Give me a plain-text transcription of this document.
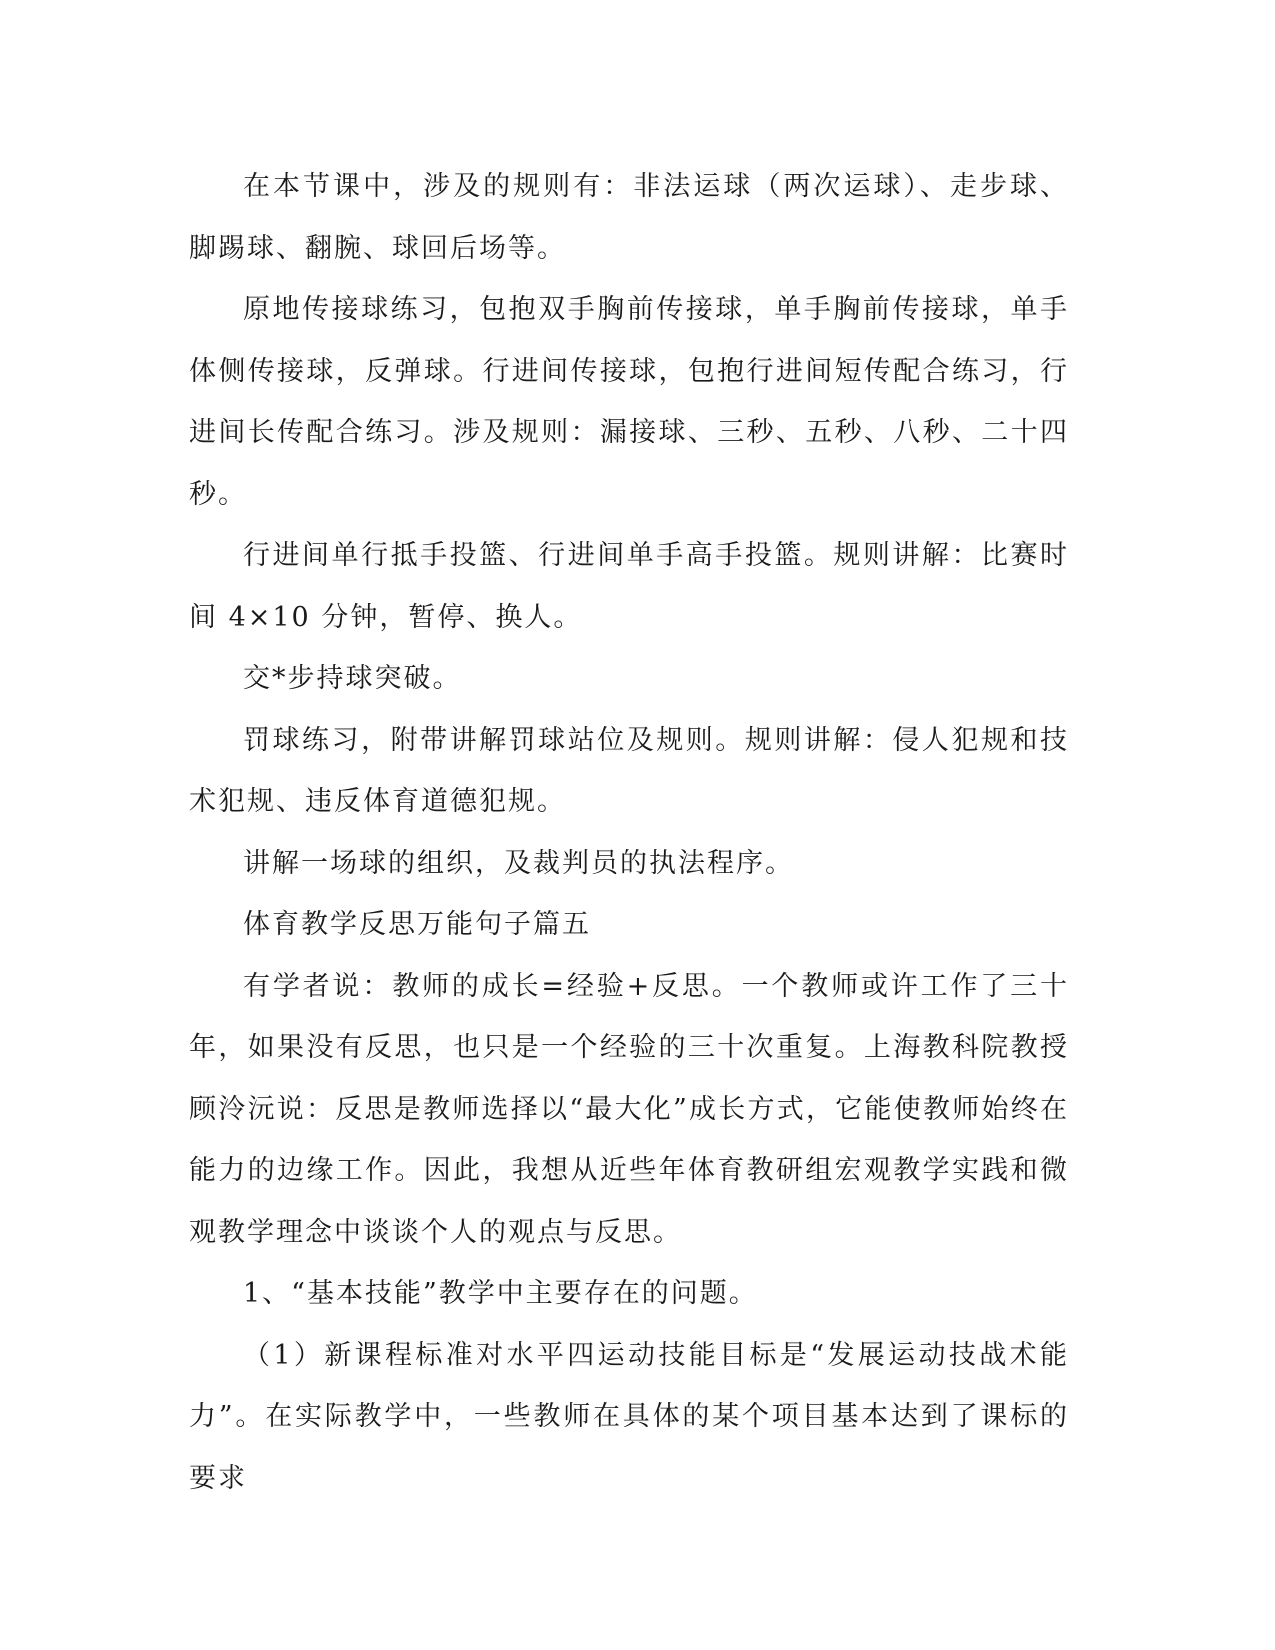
在本节课中，涉及的规则有：非法运球（两次运球）、走步球、脚踢球、翻腕、球回后场等。

原地传接球练习，包抱双手胸前传接球，单手胸前传接球，单手体侧传接球，反弹球。行进间传接球，包抱行进间短传配合练习，行进间长传配合练习。涉及规则：漏接球、三秒、五秒、八秒、二十四秒。

行进间单行抵手投篮、行进间单手高手投篮。规则讲解：比赛时间 4×10 分钟，暂停、换人。

交*步持球突破。

罚球练习，附带讲解罚球站位及规则。规则讲解：侵人犯规和技术犯规、违反体育道德犯规。

讲解一场球的组织，及裁判员的执法程序。

体育教学反思万能句子篇五

有学者说：教师的成长=经验+反思。一个教师或许工作了三十年，如果没有反思，也只是一个经验的三十次重复。上海教科院教授顾泠沅说：反思是教师选择以“最大化”成长方式，它能使教师始终在能力的边缘工作。因此，我想从近些年体育教研组宏观教学实践和微观教学理念中谈谈个人的观点与反思。

1、“基本技能”教学中主要存在的问题。

（1）新课程标准对水平四运动技能目标是“发展运动技战术能力”。在实际教学中，一些教师在具体的某个项目基本达到了课标的要求
